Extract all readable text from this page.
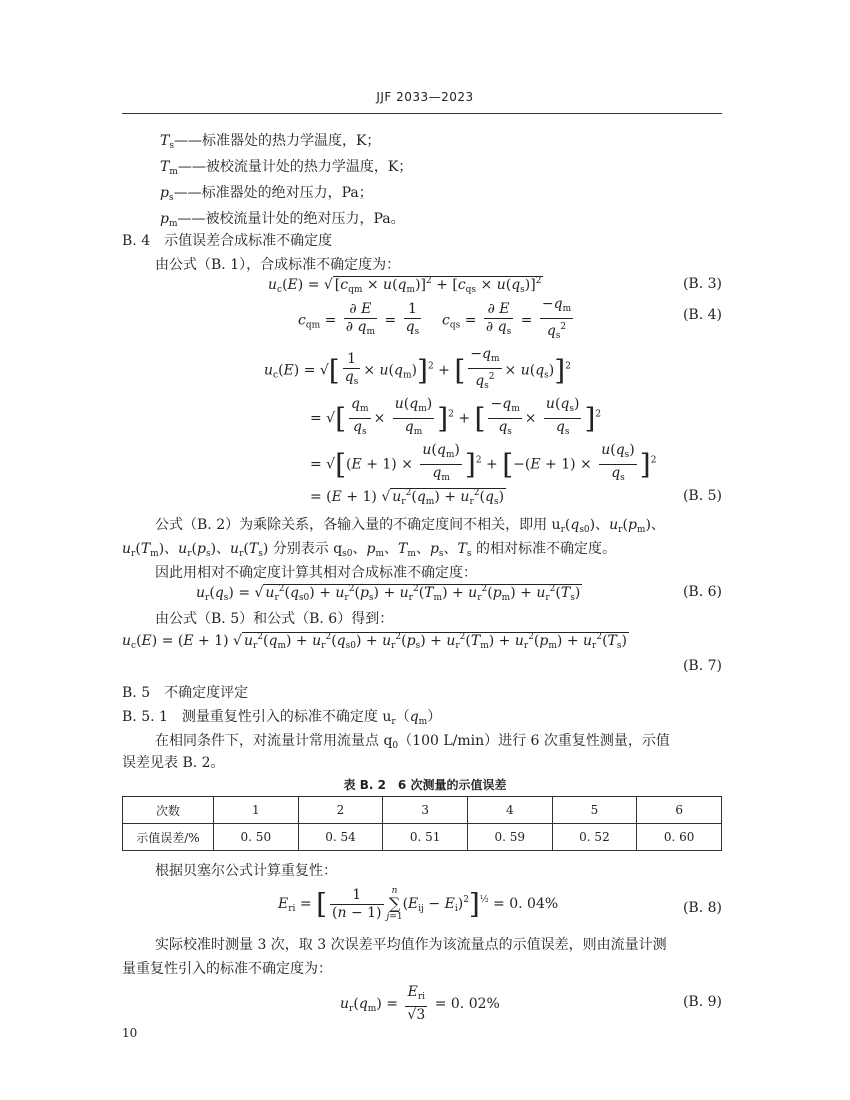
JJF 2033—2023
$T_s——$标准器处的热力学温度，K；
$T_m——$被校流量计处的热力学温度，K；
$p_s——$标准器处的绝对压力，Pa；
$p_m——$被校流量计处的绝对压力，Pa。
B. 4　 示值误差合成标准不确定度
由公式（B. 1），合成标准不确定度为：
$u_c(E)$ = √ $[c_{qm} \times u(q_m)]^2 + [c_{qs} \times u(q_s)]^2$	(B. 3)
$c_{qm} = \frac{\partial E}{\partial q_m} = \frac{1}{q_s} c_{qs} = \frac{\partial E}{\partial q_s} = \frac{-q_m}{q_s^2}$	(B. 4)
$u_c(E)$ = √[ $\frac{1}{q_s} \times u(q_m)]^2$ + [ $\frac{-q_m}{q_s^2} \times u(q_s)]^2$
= √[ $\frac{q_m}{q_s} \times \frac{u(q_m)}{q_m} ]^2$ + [ $\frac{-q_m}{q_s} \times \frac{u(q_s)}{q_s} ]^2$
= $√[(E + 1) \times \frac{u(q_m)}{q_m} ]^2 + [-(E + 1) \times \frac{u(q_s)}{q_s} ]^2$
= (E + 1) √ $u_r^2(q_m) + u_r^2(q_s)$	(B. 5)
公式（B. 2）为乘除关系，各输入量的不确定度间不相关，即用 $u_r(q_{s0})$、$u_r(p_m)$、
$u_r(T_m)$、$u_r(p_s)$、$u_r(T_s)$ 分别表示 $q_{s0}$、$p_m$、$T_m$、$p_s$、$T_s$ 的相对标准不确定度。
因此用相对不确定度计算其相对合成标准不确定度：
$u_r(q_s)$ = √ $u_r^2(q_{s0}) + u_r^2(p_s) + u_r^2(T_m) + u_r^2(p_m) + u_r^2(T_s)$	(B. 6)
由公式（B. 5）和公式（B. 6）得到：
$u_c(E) = (E + 1)$ √ $u_r^2(q_m) + u_r^2(q_{s0}) + u_r^2(p_s) + u_r^2(T_m) + u_r^2(p_m) + u_r^2(T_s)$
(B. 7)
B. 5　 不确定度评定
B. 5. 1　 测量重复性引入的标准不确定度 $u_r(q_m)$
在相同条件下，对流量计常用流量点 $q_0(100$ L/min）进行 6 次重复性测量，示值
误差见表 B. 2。
表 B. 2　6 次测量的示值误差
次数	1	2	3	4	5	6
示值误差/%	0. 50	0. 54	0. 51	0. 59	0. 52	0. 60
根据贝塞尔公式计算重复性：
$E_{ri}$ = [ $\frac{1}{(n - 1)}$ n
∑
j=1
$(E_{ij} - E_i)^2]^{\frac{1}{2}} = 0$. 04%	(B. 8)
实际校准时测量 3 次，取 3 次误差平均值作为该流量点的示值误差，则由流量计测
量重复性引入的标准不确定度为：
$u_r(q_m) = \frac{E_{ri}}{√3} = 0$. 02%	(B. 9)
10
